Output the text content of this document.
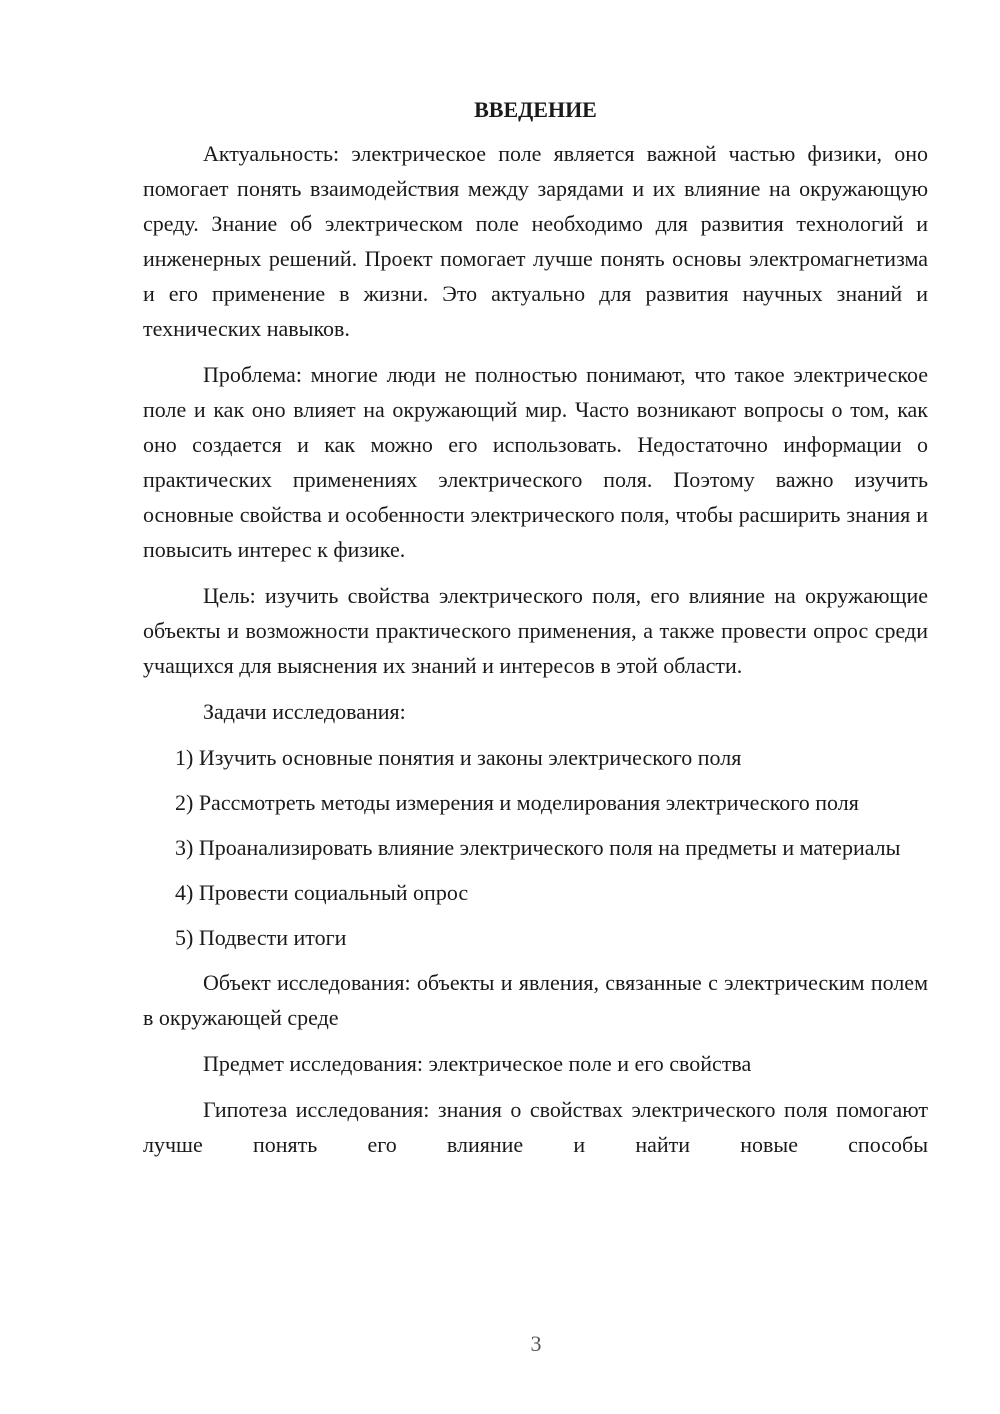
ВВЕДЕНИЕ

Актуальность: электрическое поле является важной частью физики, оно помогает понять взаимодействия между зарядами и их влияние на окружающую среду. Знание об электрическом поле необходимо для развития технологий и инженерных решений. Проект помогает лучше понять основы электромагнетизма и его применение в жизни. Это актуально для развития научных знаний и технических навыков.

Проблема: многие люди не полностью понимают, что такое электрическое поле и как оно влияет на окружающий мир. Часто возникают вопросы о том, как оно создается и как можно его использовать. Недостаточно информации о практических применениях электрического поля. Поэтому важно изучить основные свойства и особенности электрического поля, чтобы расширить знания и повысить интерес к физике.

Цель: изучить свойства электрического поля, его влияние на окружающие объекты и возможности практического применения, а также провести опрос среди учащихся для выяснения их знаний и интересов в этой области.

Задачи исследования:

1) Изучить основные понятия и законы электрического поля

2) Рассмотреть методы измерения и моделирования электрического поля

3) Проанализировать влияние электрического поля на предметы и материалы

4) Провести социальный опрос

5) Подвести итоги

Объект исследования: объекты и явления, связанные с электрическим полем в окружающей среде

Предмет исследования: электрическое поле и его свойства

Гипотеза исследования: знания о свойствах электрического поля помогают лучше понять его влияние и найти новые способы

3
